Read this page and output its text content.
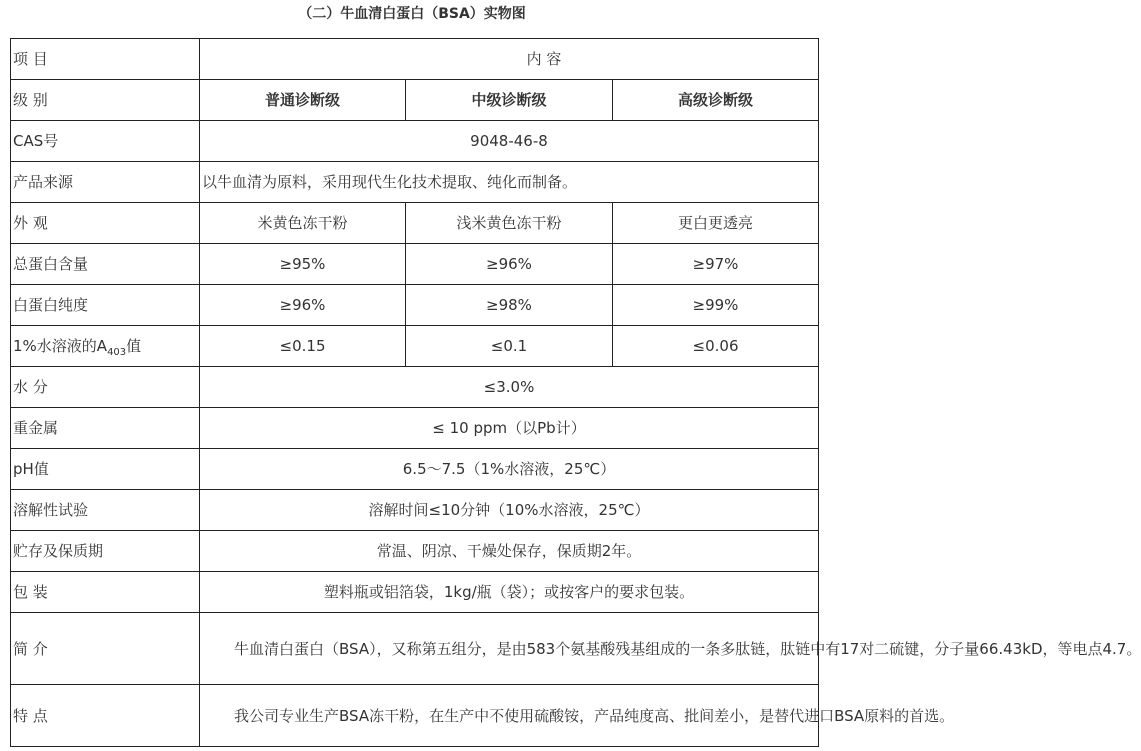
（二）牛血清白蛋白（BSA）实物图
项 目	内 容		
级 别	普通诊断级	中级诊断级	高级诊断级
CAS号	9048-46-8		
产品来源	以牛血清为原料，采用现代生化技术提取、纯化而制备。		
外 观	米黄色冻干粉	浅米黄色冻干粉	更白更透亮
总蛋白含量	≥95%	≥96%	≥97%
白蛋白纯度	≥96%	≥98%	≥99%
1%水溶液的$A_{403}$值	≤0.15	≤0.1	≤0.06
水 分	≤3.0%		
重金属	≤ 10 ppm（以Pb计）		
pH值	6.5～7.5（1%水溶液，25℃）		
溶解性试验	溶解时间≤10分钟（10%水溶液，25℃）		
贮存及保质期	常温、阴凉、干燥处保存，保质期2年。		
包 装	塑料瓶或铝箔袋，1kg/瓶（袋）；或按客户的要求包装。		
简 介	牛血清白蛋白（BSA），又称第五组分，是由583个氨基酸残基组成的一条多肽链，肽链中有17对二硫键，分子量66.43kD，等电点4.7。		

特 点	我公司专业生产BSA冻干粉，在生产中不使用硫酸铵，产品纯度高、批间差小，是替代进口BSA原料的首选。		
